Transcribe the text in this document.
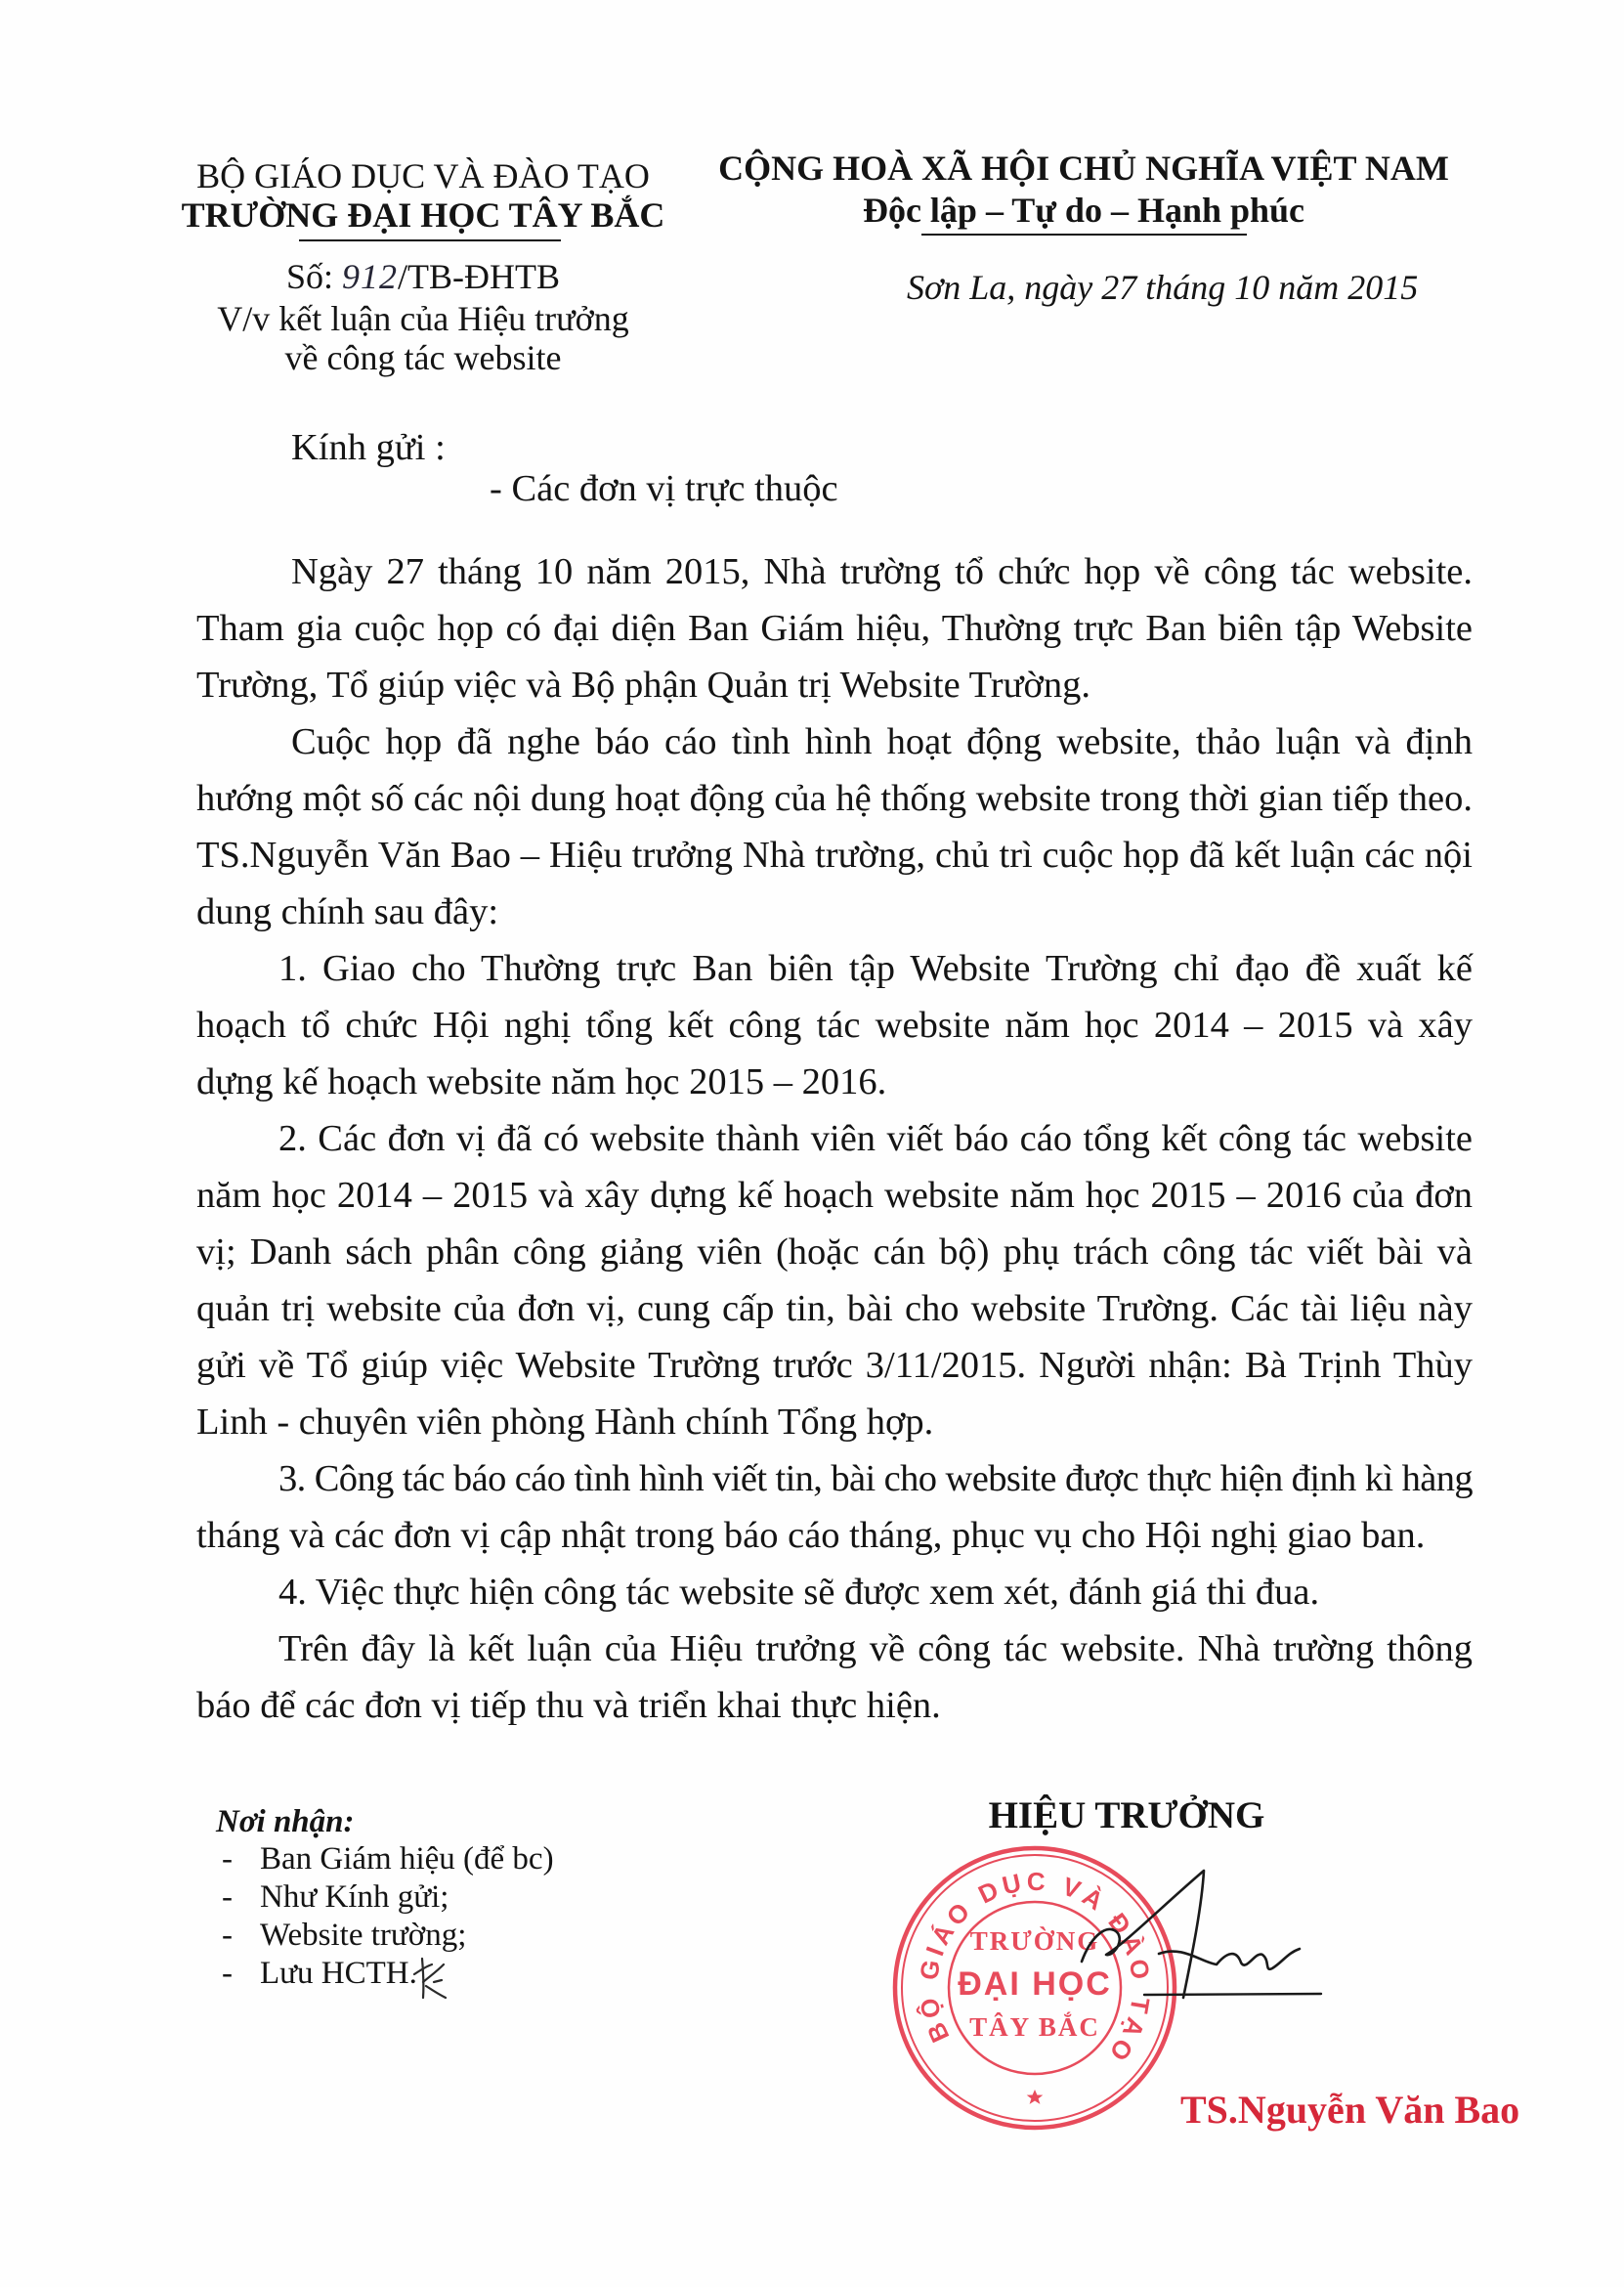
BỘ GIÁO DỤC VÀ ĐÀO TẠO
TRƯỜNG ĐẠI HỌC TÂY BẮC
Số: 912/TB-ĐHTB
V/v kết luận của Hiệu trưởng
về công tác website
CỘNG HOÀ XÃ HỘI CHỦ NGHĨA VIỆT NAM
Độc lập – Tự do – Hạnh phúc
Sơn La, ngày 27 tháng 10 năm 2015
Kính gửi :
- Các đơn vị trực thuộc
Ngày 27 tháng 10 năm 2015, Nhà trường tổ chức họp về công tác website.
Tham gia cuộc họp có đại diện Ban Giám hiệu, Thường trực Ban biên tập Website
Trường, Tổ giúp việc và Bộ phận Quản trị Website Trường.
Cuộc họp đã nghe báo cáo tình hình hoạt động website, thảo luận và định
hướng một số các nội dung hoạt động của hệ thống website trong thời gian tiếp theo.
TS.Nguyễn Văn Bao – Hiệu trưởng Nhà trường, chủ trì cuộc họp đã kết luận các nội
dung chính sau đây:
1. Giao cho Thường trực Ban biên tập Website Trường chỉ đạo đề xuất kế
hoạch tổ chức Hội nghị tổng kết công tác website năm học 2014 – 2015 và xây
dựng kế hoạch website năm học 2015 – 2016.
2. Các đơn vị đã có website thành viên viết báo cáo tổng kết công tác website
năm học 2014 – 2015 và xây dựng kế hoạch website năm học 2015 – 2016 của đơn
vị; Danh sách phân công giảng viên (hoặc cán bộ) phụ trách công tác viết bài và
quản trị website của đơn vị, cung cấp tin, bài cho website Trường. Các tài liệu này
gửi về Tổ giúp việc Website Trường trước 3/11/2015. Người nhận: Bà Trịnh Thùy
Linh - chuyên viên phòng Hành chính Tổng hợp.
3. Công tác báo cáo tình hình viết tin, bài cho website được thực hiện định kì hàng
tháng và các đơn vị cập nhật trong báo cáo tháng, phục vụ cho Hội nghị giao ban.
4. Việc thực hiện công tác website sẽ được xem xét, đánh giá thi đua.
Trên đây là kết luận của Hiệu trưởng về công tác website. Nhà trường thông
báo để các đơn vị tiếp thu và triển khai thực hiện.
Nơi nhận:
- Ban Giám hiệu (để bc)
- Như Kính gửi;
- Website trường;
- Lưu HCTH.
HIỆU TRƯỞNG
BỘ GIÁO DỤC VÀ ĐÀO TẠO
TRƯỜNG
ĐẠI HỌC
TÂY BẮC
TS.Nguyễn Văn Bao
